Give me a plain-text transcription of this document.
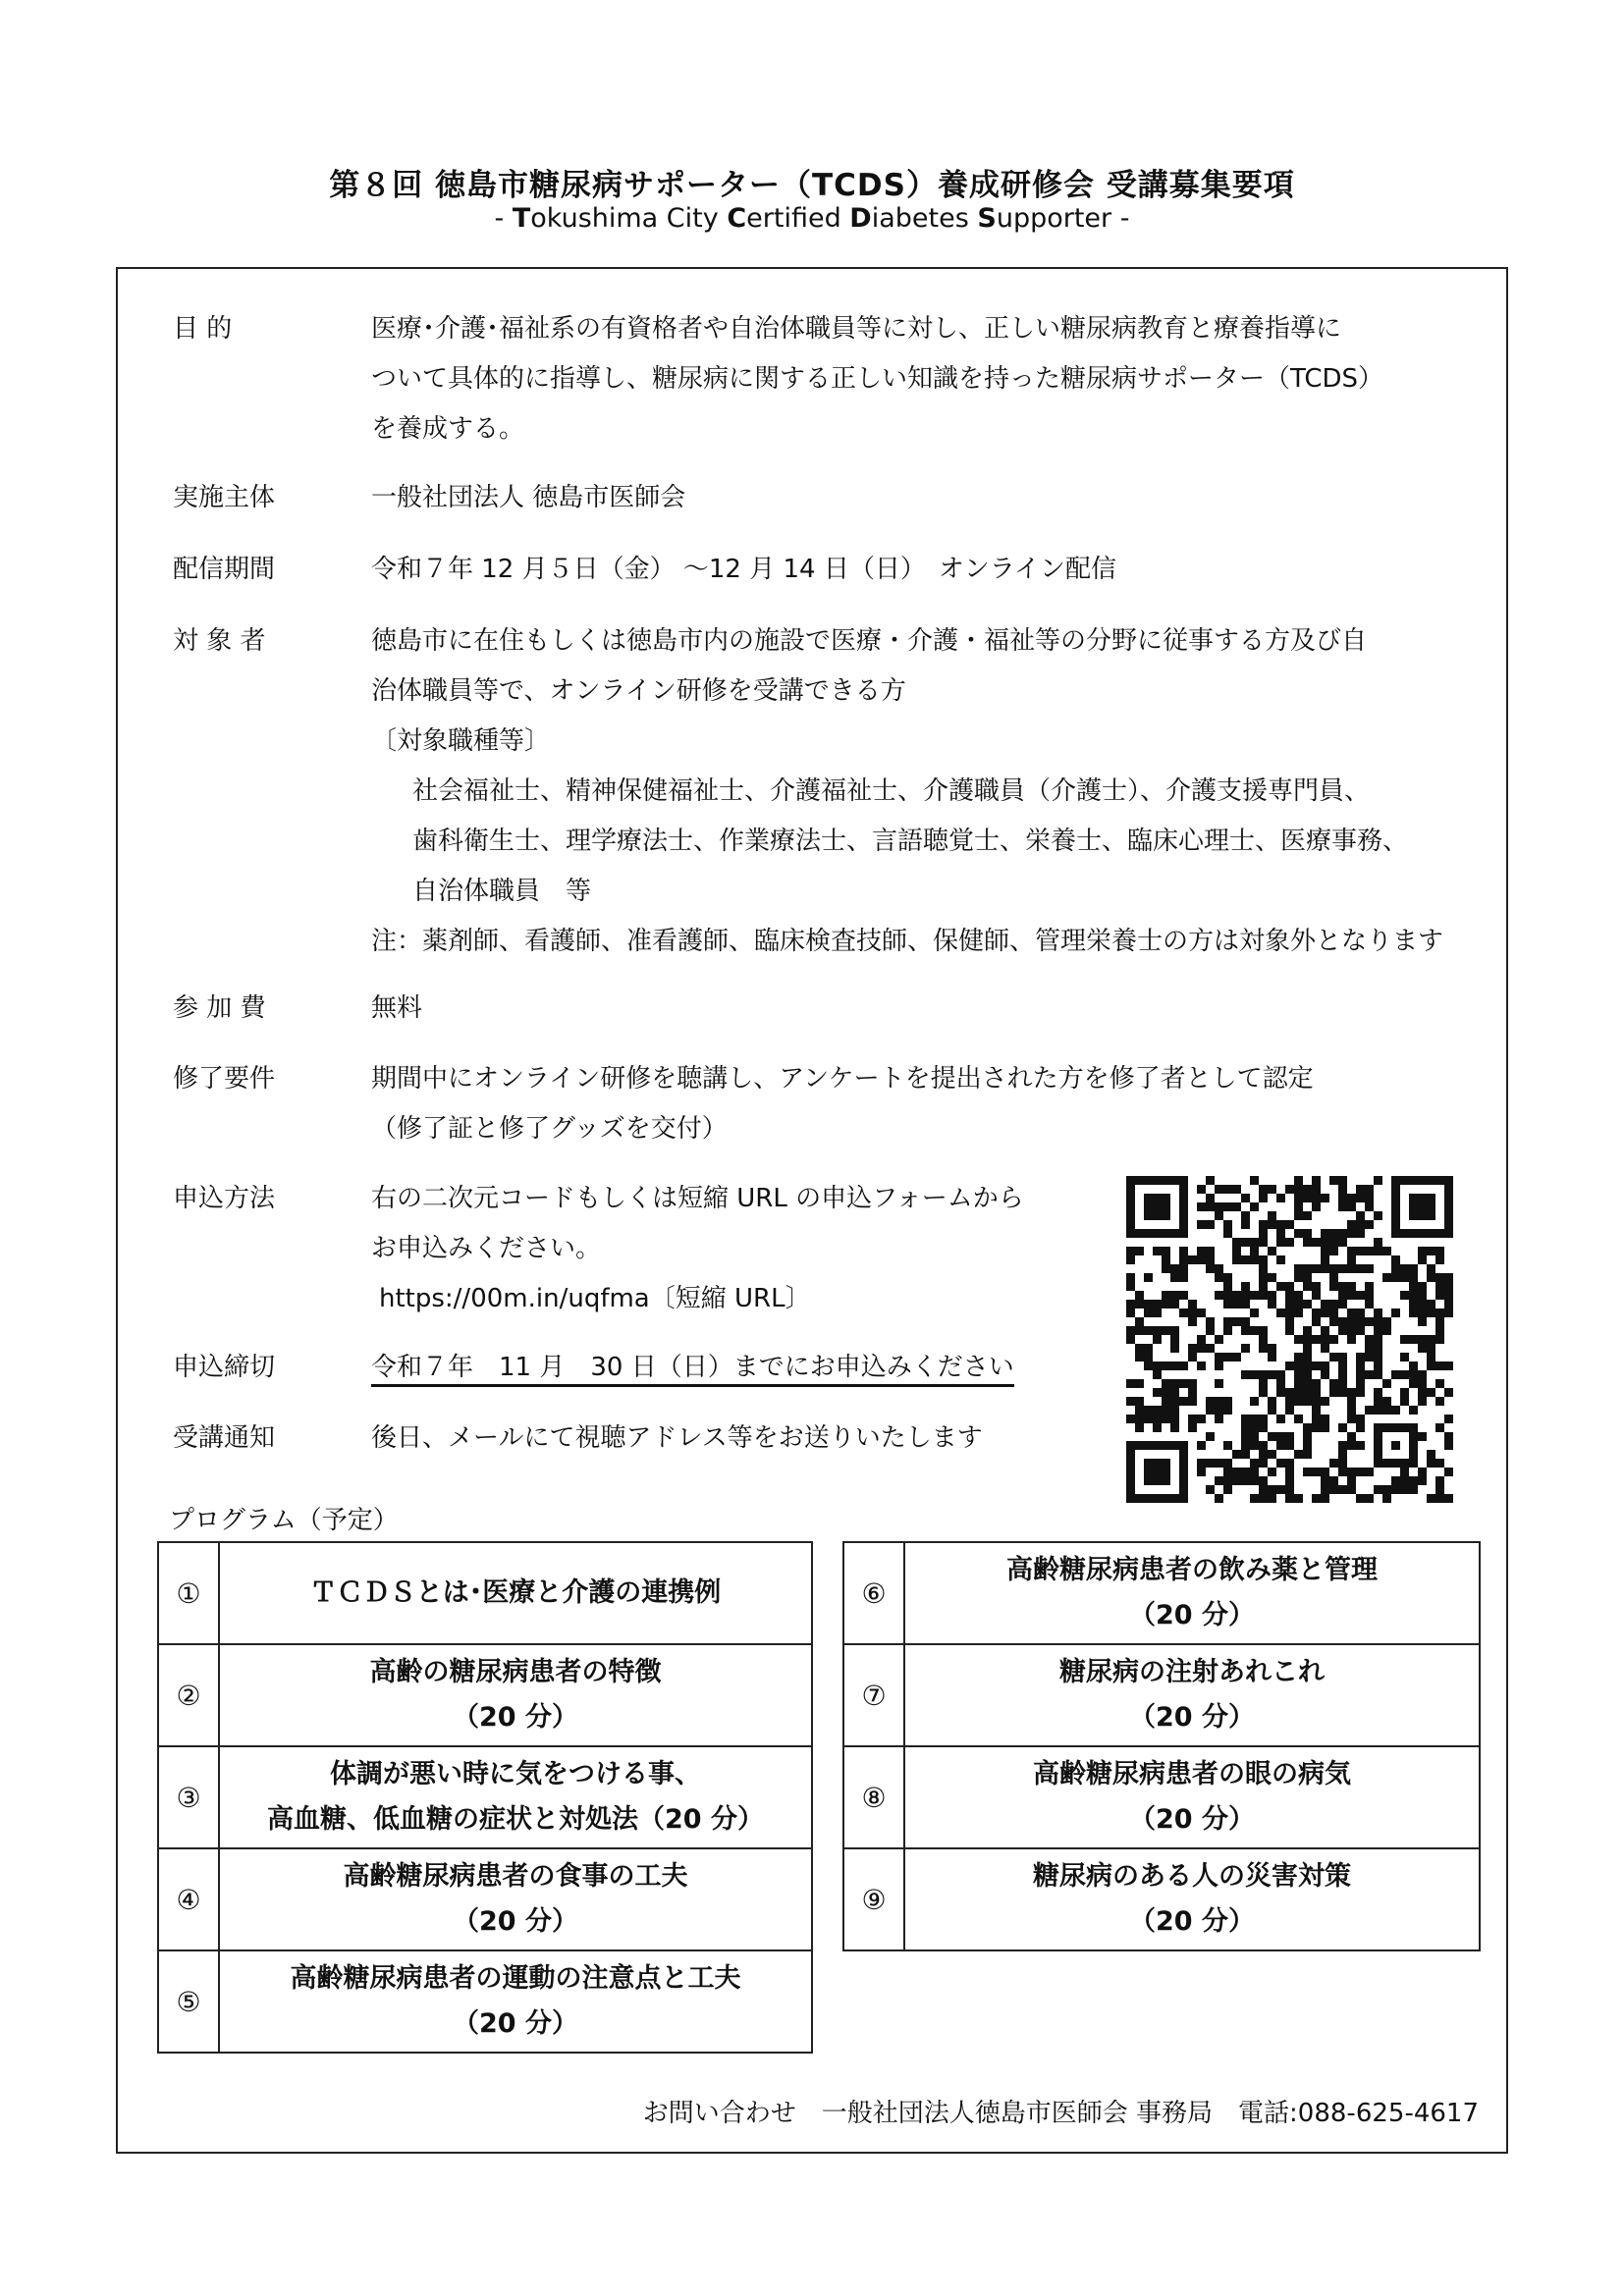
第８回 徳島市糖尿病サポーター（TCDS）養成研修会 受講募集要項
- Tokushima City Certified Diabetes Supporter -
目 的	医療･介護･福祉系の有資格者や自治体職員等に対し、正しい糖尿病教育と療養指導に
ついて具体的に指導し、糖尿病に関する正しい知識を持った糖尿病サポーター（TCDS）
を養成する。
実施主体	一般社団法人 徳島市医師会
配信期間	令和７年 12 月５日（金） ～12 月 14 日（日）　オンライン配信
対 象 者	徳島市に在住もしくは徳島市内の施設で医療・介護・福祉等の分野に従事する方及び自
治体職員等で、オンライン研修を受講できる方
〔対象職種等〕
社会福祉士、精神保健福祉士、介護福祉士、介護職員（介護士）、介護支援専門員、
歯科衛生士、理学療法士、作業療法士、言語聴覚士、栄養士、臨床心理士、医療事務、
自治体職員　等
注：薬剤師、看護師、准看護師、臨床検査技師、保健師、管理栄養士の方は対象外となります
参 加 費	無料
修了要件	期間中にオンライン研修を聴講し、アンケートを提出された方を修了者として認定
（修了証と修了グッズを交付）
申込方法	右の二次元コードもしくは短縮 URL の申込フォームから
お申込みください。
https://00m.in/uqfma〔短縮 URL〕
申込締切	令和７年　11 月　30 日（日）までにお申込みください
受講通知	後日、メールにて視聴アドレス等をお送りいたします
プログラム（予定）
①	ＴＣＤＳとは･医療と介護の連携例

②	高齢の糖尿病患者の特徴
（20 分）

③	体調が悪い時に気をつける事、
高血糖、低血糖の症状と対処法（20 分）

④	高齢糖尿病患者の食事の工夫
（20 分）

⑤	高齢糖尿病患者の運動の注意点と工夫
（20 分）
⑥	高齢糖尿病患者の飲み薬と管理
（20 分）

⑦	糖尿病の注射あれこれ
（20 分）

⑧	高齢糖尿病患者の眼の病気
（20 分）

⑨	糖尿病のある人の災害対策
（20 分）
お問い合わせ　一般社団法人徳島市医師会 事務局　電話:088-625-4617
